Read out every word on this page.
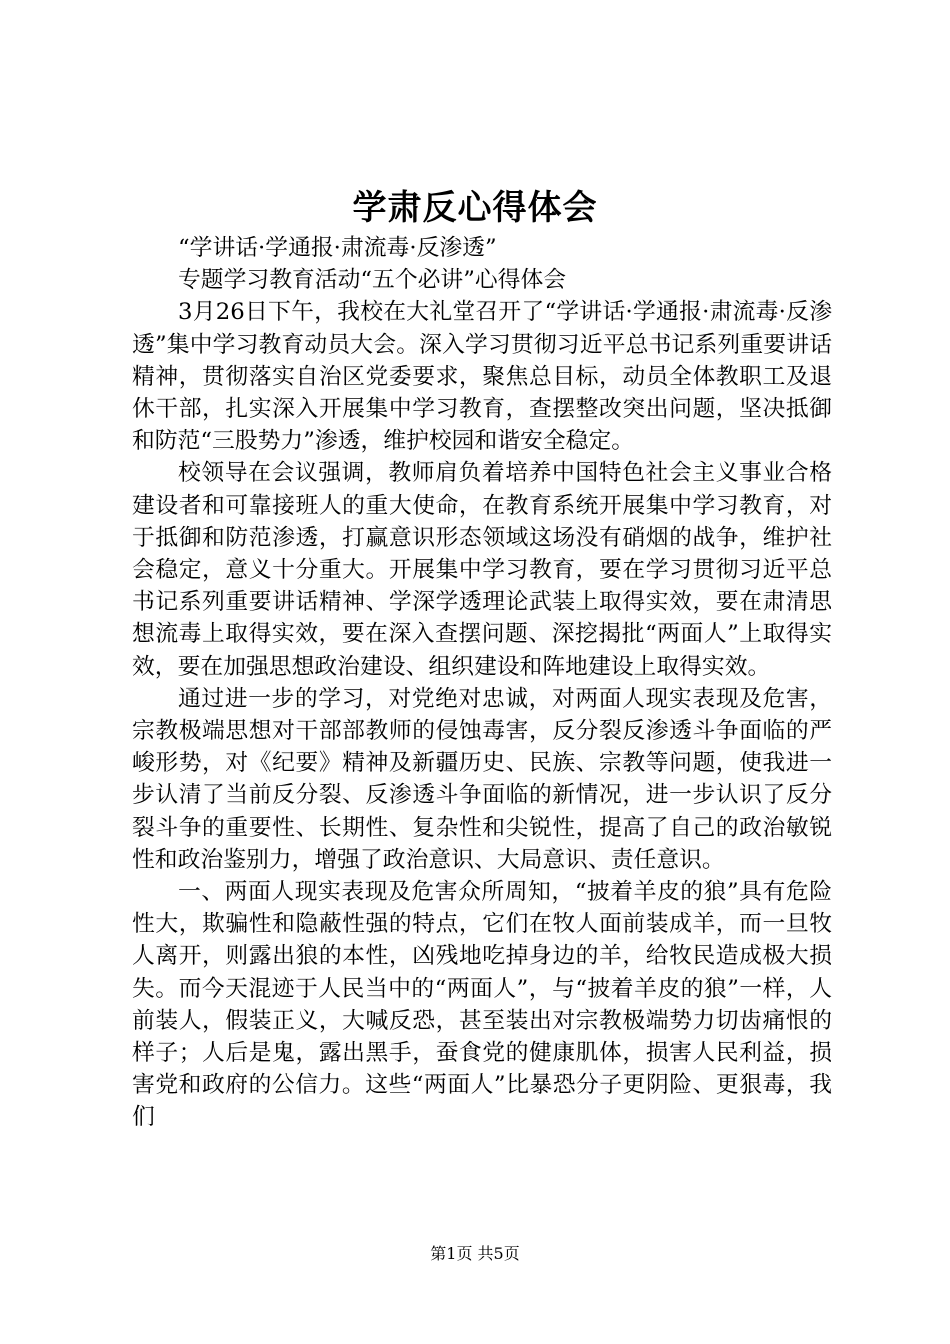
学肃反心得体会

“学讲话·学通报·肃流毒·反渗透”

专题学习教育活动“五个必讲”心得体会

3月26日下午，我校在大礼堂召开了“学讲话·学通报·肃流毒·反渗透”集中学习教育动员大会。深入学习贯彻习近平总书记系列重要讲话精神，贯彻落实自治区党委要求，聚焦总目标，动员全体教职工及退休干部，扎实深入开展集中学习教育，查摆整改突出问题，坚决抵御和防范“三股势力”渗透，维护校园和谐安全稳定。

校领导在会议强调，教师肩负着培养中国特色社会主义事业合格建设者和可靠接班人的重大使命，在教育系统开展集中学习教育，对于抵御和防范渗透，打赢意识形态领域这场没有硝烟的战争，维护社会稳定，意义十分重大。开展集中学习教育，要在学习贯彻习近平总书记系列重要讲话精神、学深学透理论武装上取得实效，要在肃清思想流毒上取得实效，要在深入查摆问题、深挖揭批“两面人”上取得实效，要在加强思想政治建设、组织建设和阵地建设上取得实效。

通过进一步的学习，对党绝对忠诚，对两面人现实表现及危害，宗教极端思想对干部部教师的侵蚀毒害，反分裂反渗透斗争面临的严峻形势，对《纪要》精神及新疆历史、民族、宗教等问题，使我进一步认清了当前反分裂、反渗透斗争面临的新情况，进一步认识了反分裂斗争的重要性、长期性、复杂性和尖锐性，提高了自己的政治敏锐性和政治鉴别力，增强了政治意识、大局意识、责任意识。

一、两面人现实表现及危害众所周知，“披着羊皮的狼”具有危险性大，欺骗性和隐蔽性强的特点，它们在牧人面前装成羊，而一旦牧人离开，则露出狼的本性，凶残地吃掉身边的羊，给牧民造成极大损失。而今天混迹于人民当中的“两面人”，与“披着羊皮的狼”一样，人前装人，假装正义，大喊反恐，甚至装出对宗教极端势力切齿痛恨的样子；人后是鬼，露出黑手，蚕食党的健康肌体，损害人民利益，损害党和政府的公信力。这些“两面人”比暴恐分子更阴险、更狠毒，我们

第1页 共5页
